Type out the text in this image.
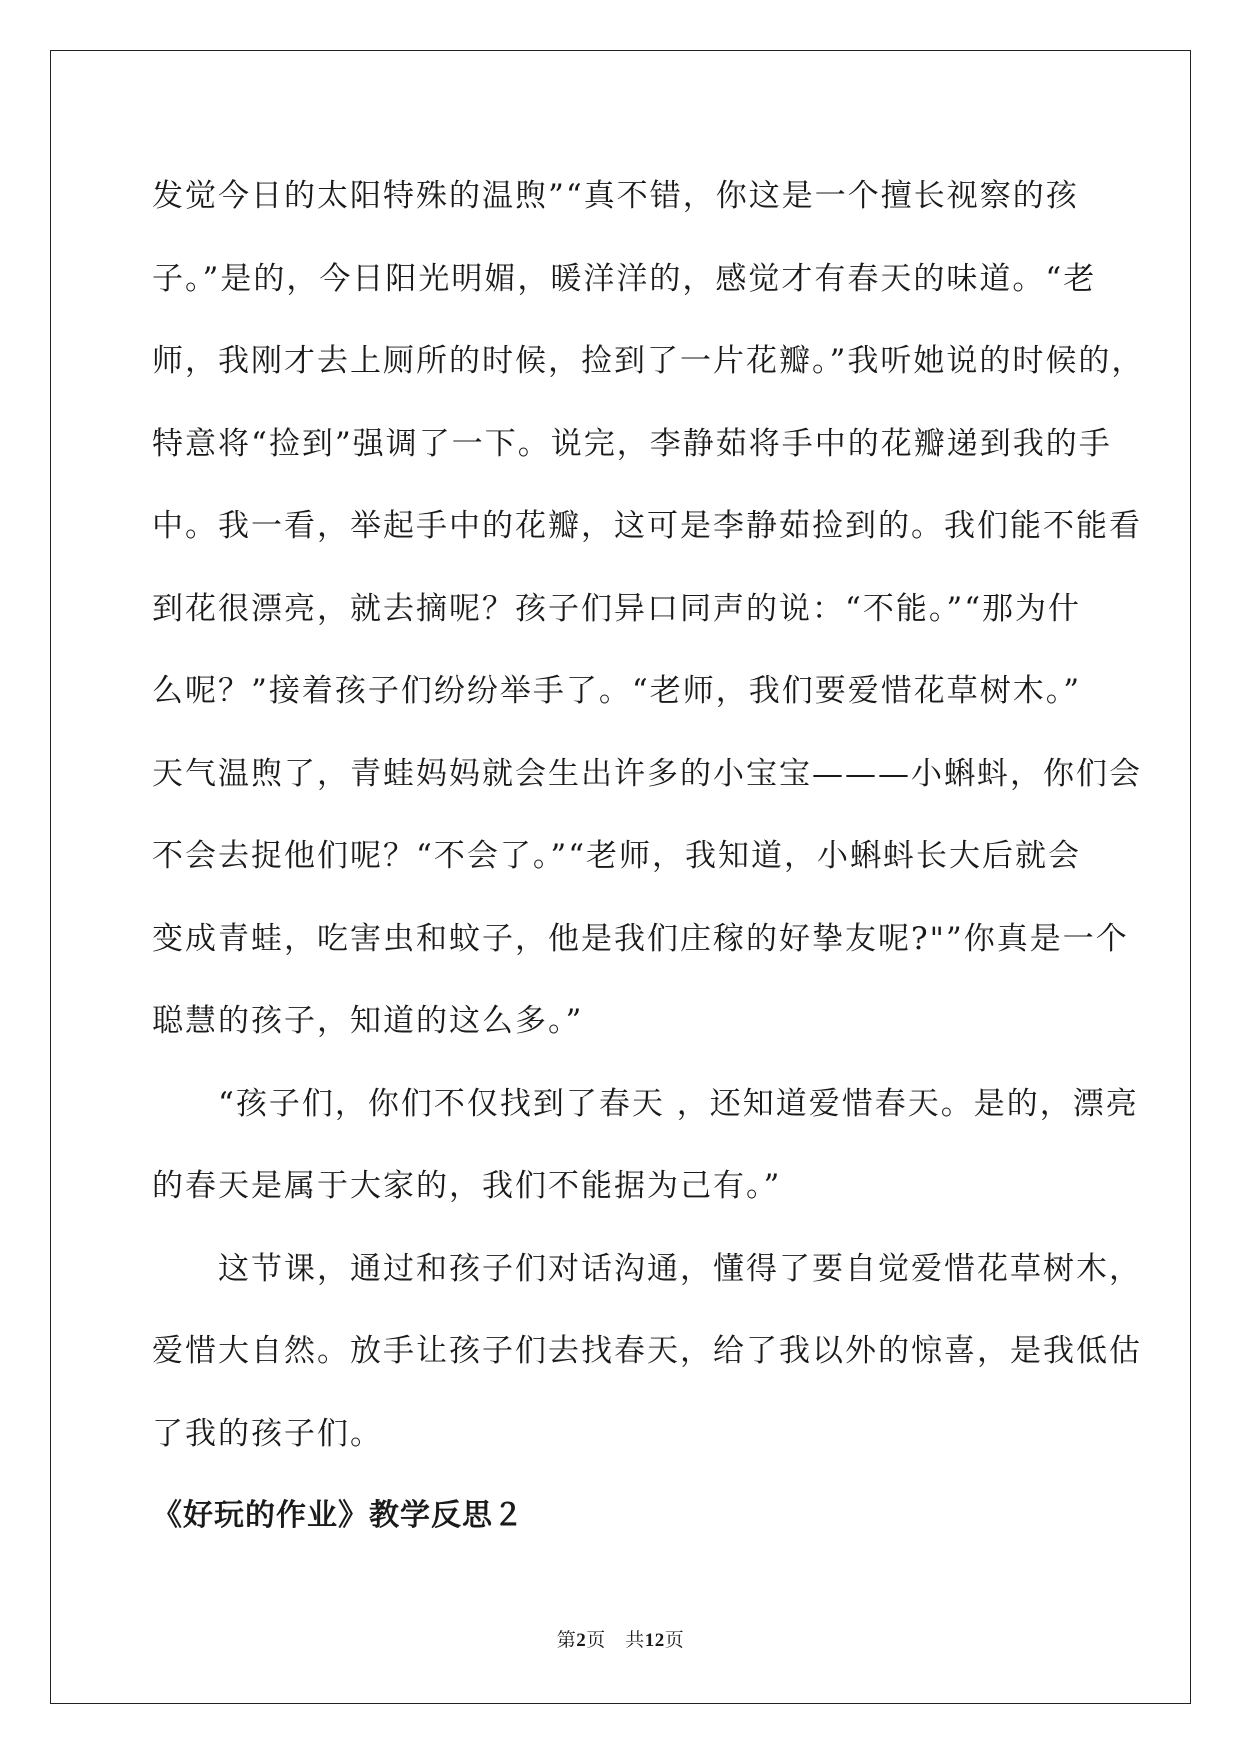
发觉今日的太阳特殊的温煦”“真不错，你这是一个擅长视察的孩

子。”是的，今日阳光明媚，暖洋洋的，感觉才有春天的味道。“老

师，我刚才去上厕所的时候，捡到了一片花瓣。”我听她说的时候的，

特意将“捡到”强调了一下。说完，李静茹将手中的花瓣递到我的手

中。我一看，举起手中的花瓣，这可是李静茹捡到的。我们能不能看

到花很漂亮，就去摘呢？孩子们异口同声的说：“不能。”“那为什

么呢？”接着孩子们纷纷举手了。“老师，我们要爱惜花草树木。”

天气温煦了，青蛙妈妈就会生出许多的小宝宝———小蝌蚪，你们会

不会去捉他们呢？“不会了。”“老师，我知道，小蝌蚪长大后就会

变成青蛙，吃害虫和蚊子，他是我们庄稼的好挚友呢?"”你真是一个

聪慧的孩子，知道的这么多。”

“孩子们，你们不仅找到了春天 ，还知道爱惜春天。是的，漂亮

的春天是属于大家的，我们不能据为己有。”

这节课，通过和孩子们对话沟通，懂得了要自觉爱惜花草树木，

爱惜大自然。放手让孩子们去找春天，给了我以外的惊喜，是我低估

了我的孩子们。

《好玩的作业》教学反思２
第2页　共12页
